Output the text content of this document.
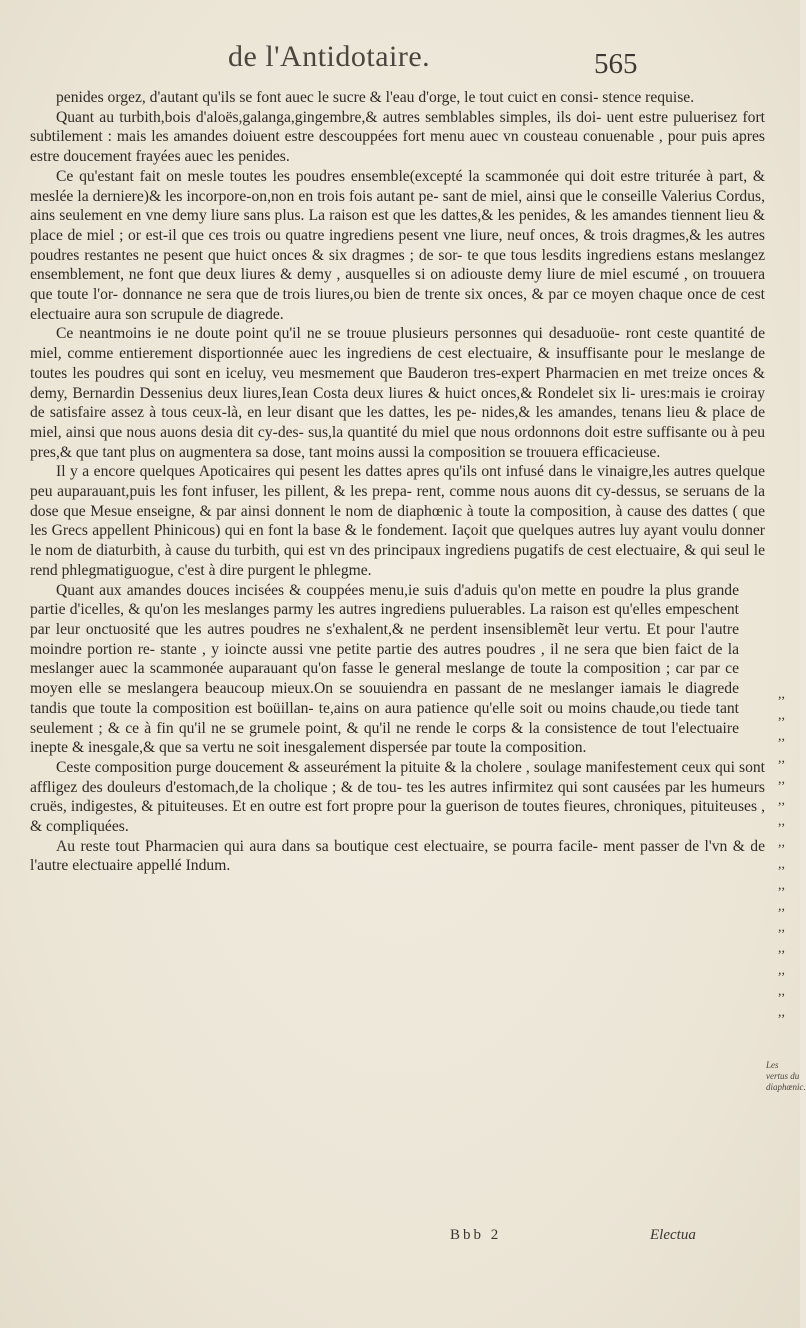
de l'Antidotaire.	565

penides orgez, d'autant qu'ils se font auec le sucre & l'eau d'orge, le tout cuict en consi- stence requise.

Quant au turbith,bois d'aloës,galanga,gingembre,& autres semblables simples, ils doi- uent estre puluerisez fort subtilement : mais les amandes doiuent estre descouppées fort menu auec vn cousteau conuenable , pour puis apres estre doucement frayées auec les penides.

Ce qu'estant fait on mesle toutes les poudres ensemble(excepté la scammonée qui doit estre triturée à part, & meslée la derniere)& les incorpore-on,non en trois fois autant pe- sant de miel, ainsi que le conseille Valerius Cordus, ains seulement en vne demy liure sans plus. La raison est que les dattes,& les penides, & les amandes tiennent lieu & place de miel ; or est-il que ces trois ou quatre ingrediens pesent vne liure, neuf onces, & trois dragmes,& les autres poudres restantes ne pesent que huict onces & six dragmes ; de sor- te que tous lesdits ingrediens estans meslangez ensemblement, ne font que deux liures & demy , ausquelles si on adiouste demy liure de miel escumé , on trouuera que toute l'or- donnance ne sera que de trois liures,ou bien de trente six onces, & par ce moyen chaque once de cest electuaire aura son scrupule de diagrede.

Ce neantmoins ie ne doute point qu'il ne se trouue plusieurs personnes qui desaduoüe- ront ceste quantité de miel, comme entierement disportionnée auec les ingrediens de cest electuaire, & insuffisante pour le meslange de toutes les poudres qui sont en iceluy, veu mesmement que Bauderon tres-expert Pharmacien en met treize onces & demy, Bernardin Dessenius deux liures,Iean Costa deux liures & huict onces,& Rondelet six li- ures:mais ie croiray de satisfaire assez à tous ceux-là, en leur disant que les dattes, les pe- nides,& les amandes, tenans lieu & place de miel, ainsi que nous auons desia dit cy-des- sus,la quantité du miel que nous ordonnons doit estre suffisante ou à peu pres,& que tant plus on augmentera sa dose, tant moins aussi la composition se trouuera efficacieuse.

Il y a encore quelques Apoticaires qui pesent les dattes apres qu'ils ont infusé dans le vinaigre,les autres quelque peu auparauant,puis les font infuser, les pillent, & les prepa- rent, comme nous auons dit cy-dessus, se seruans de la dose que Mesue enseigne, & par ainsi donnent le nom de diaphœnic à toute la composition, à cause des dattes ( que les Grecs appellent Phinicous) qui en font la base & le fondement. Iaçoit que quelques autres luy ayant voulu donner le nom de diaturbith, à cause du turbith, qui est vn des principaux ingrediens pugatifs de cest electuaire, & qui seul le rend phlegmatiguogue, c'est à dire purgent le phlegme.

Quant aux amandes douces incisées & couppées menu,ie suis d'aduis qu'on mette en poudre la plus grande partie d'icelles, & qu'on les meslanges parmy les autres ingrediens puluerables. La raison est qu'elles empeschent par leur onctuosité que les autres poudres ne s'exhalent,& ne perdent insensiblemẽt leur vertu. Et pour l'autre moindre portion re- stante , y ioincte aussi vne petite partie des autres poudres , il ne sera que bien faict de la meslanger auec la scammonée auparauant qu'on fasse le general meslange de toute la composition ; car par ce moyen elle se meslangera beaucoup mieux.On se souuiendra en passant de ne meslanger iamais le diagrede tandis que toute la composition est boüillan- te,ains on aura patience qu'elle soit ou moins chaude,ou tiede tant seulement ; & ce à fin qu'il ne se grumele point, & qu'il ne rende le corps & la consistence de tout l'electuaire inepte & inesgale,& que sa vertu ne soit inesgalement dispersée par toute la composition.

Ceste composition purge doucement & asseurément la pituite & la cholere , soulage manifestement ceux qui sont affligez des douleurs d'estomach,de la cholique ; & de tou- tes les autres infirmitez qui sont causées par les humeurs cruës, indigestes, & pituiteuses. Et en outre est fort propre pour la guerison de toutes fieures, chroniques, pituiteuses , & compliquées.

Au reste tout Pharmacien qui aura dans sa boutique cest electuaire, se pourra facile- ment passer de l'vn & de l'autre electuaire appellé Indum.

,,
,,
,,
,,
,,
,,
,,
,,
,,
,,
,,
,,
,,
,,
,,
,,
Les vertus du diaphœnic.
Bbb 2	Electua
